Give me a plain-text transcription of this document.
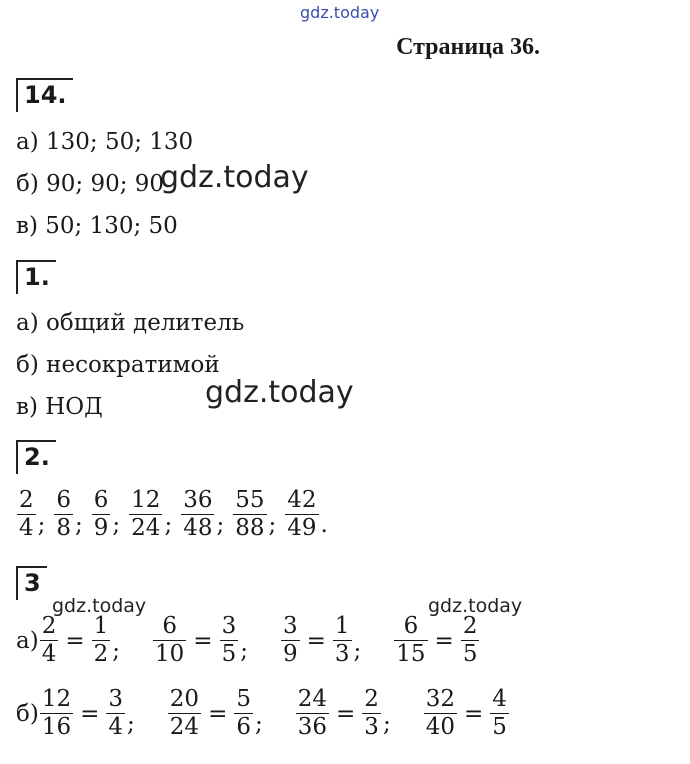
gdz.today
gdz.today
gdz.today
gdz.today	gdz.today
Страница 36.
14.
а) 130; 50; 130
б) 90; 90; 90
в) 50; 130; 50
1.
а) общий делитель
б) несократимой
в) НОД
2.
$\frac{2}{4}$ ; $\frac{6}{8}$ ; $\frac{6}{9}$ ; $\frac{12}{24}$ ; $\frac{36}{48}$ ; $\frac{55}{88}$ ; $\frac{42}{49}$ .
3
$а) \frac{2}{4} = \frac{1}{2}$ ; $\frac{6}{10} = \frac{3}{5}$ ; $\frac{3}{9} = \frac{1}{3}$ ; $\frac{6}{15} = \frac{2}{5}$
$б) \frac{12}{16} = \frac{3}{4}$ ; $\frac{20}{24} = \frac{5}{6}$ ; $\frac{24}{36} = \frac{2}{3}$ ; $\frac{32}{40} = \frac{4}{5}$
